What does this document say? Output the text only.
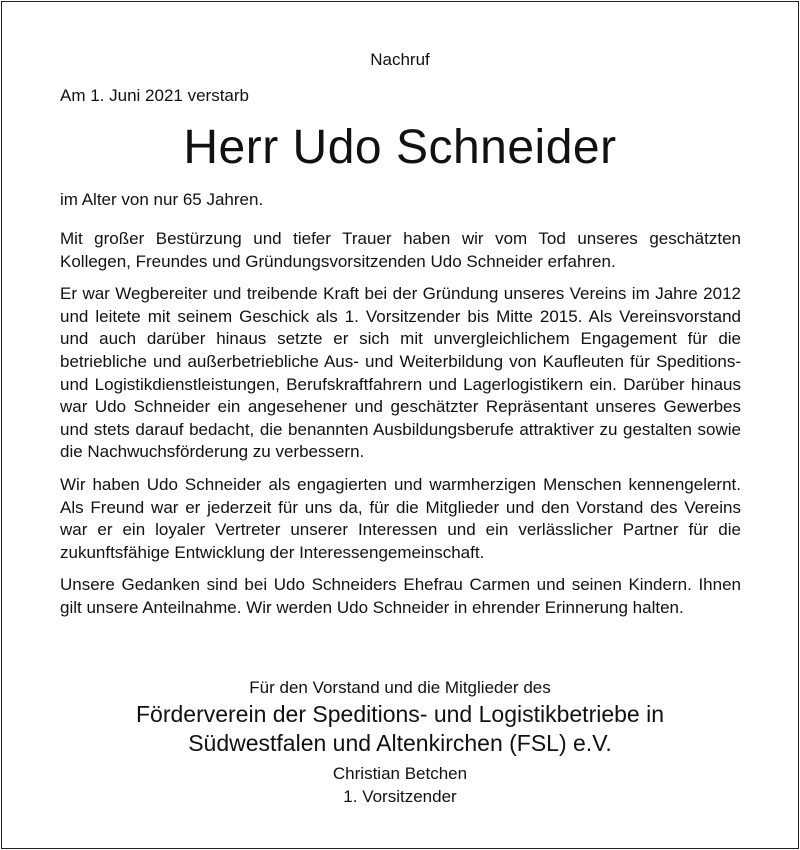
Nachruf
Am 1. Juni 2021 verstarb
Herr Udo Schneider
im Alter von nur 65 Jahren.

Mit großer Bestürzung und tiefer Trauer haben wir vom Tod unseres geschätzten Kollegen, Freundes und Gründungsvorsitzenden Udo Schneider erfahren.

Er war Wegbereiter und treibende Kraft bei der Gründung unseres Vereins im Jahre 2012 und leitete mit seinem Geschick als 1. Vorsitzender bis Mitte 2015. Als Vereinsvorstand und auch darüber hinaus setzte er sich mit unvergleichlichem Engagement für die betriebliche und außerbetriebliche Aus- und Weiterbildung von Kaufleuten für Speditions- und Logistikdienstleistungen, Berufskraftfahrern und Lagerlogistikern ein. Darüber hinaus war Udo Schneider ein angesehener und geschätzter Repräsentant unseres Gewerbes und stets darauf bedacht, die benannten Ausbildungsberufe attraktiver zu gestalten sowie die Nachwuchsförderung zu verbessern.

Wir haben Udo Schneider als engagierten und warmherzigen Menschen kennengelernt. Als Freund war er jederzeit für uns da, für die Mitglieder und den Vorstand des Vereins war er ein loyaler Vertreter unserer Interessen und ein verlässlicher Partner für die zukunftsfähige Entwicklung der Interessengemeinschaft.

Unsere Gedanken sind bei Udo Schneiders Ehefrau Carmen und seinen Kindern. Ihnen gilt unsere Anteilnahme. Wir werden Udo Schneider in ehrender Erinnerung halten.

Für den Vorstand und die Mitglieder des
Förderverein der Speditions- und Logistikbetriebe in
Südwestfalen und Altenkirchen (FSL) e.V.
Christian Betchen
1. Vorsitzender
